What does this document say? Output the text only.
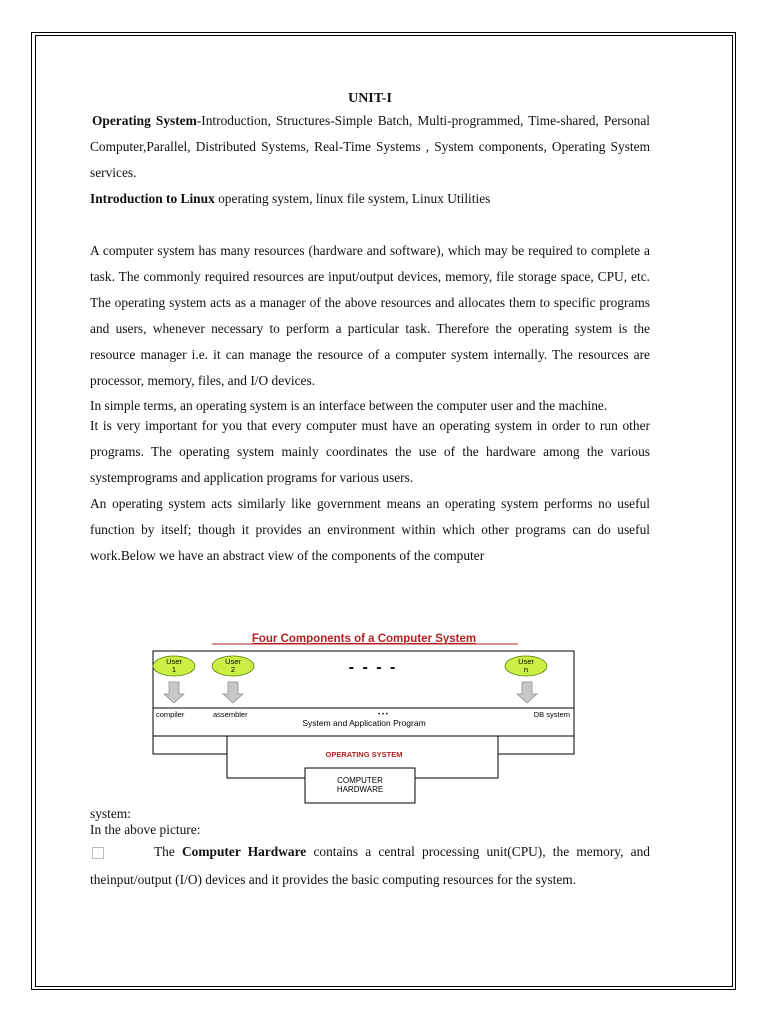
UNIT-I

Operating System-Introduction, Structures-Simple Batch, Multi-programmed, Time-shared, Personal Computer,Parallel, Distributed Systems, Real-Time Systems , System components, Operating System services.

Introduction to Linux operating system, linux file system, Linux Utilities

A computer system has many resources (hardware and software), which may be required to complete a task. The commonly required resources are input/output devices, memory, file storage space, CPU, etc. The operating system acts as a manager of the above resources and allocates them to specific programs and users, whenever necessary to perform a particular task. Therefore the operating system is the resource manager i.e. it can manage the resource of a computer system internally. The resources are processor, memory, files, and I/O devices.

In simple terms, an operating system is an interface between the computer user and the machine.

It is very important for you that every computer must have an operating system in order to run other programs. The operating system mainly coordinates the use of the hardware among the various systemprograms and application programs for various users.

An operating system acts similarly like government means an operating system performs no useful function by itself; though it provides an environment within which other programs can do useful work.Below we have an abstract view of the components of the computer

Four Components of a Computer System
User
1
User
2
User
n
- - - -
compiler	assembler	• • •	DB system
System and Application Program
OPERATING SYSTEM
COMPUTER
HARDWARE

system:

In the above picture:

The Computer Hardware contains a central processing unit(CPU), the memory, and theinput/output (I/O) devices and it provides the basic computing resources for the system.
